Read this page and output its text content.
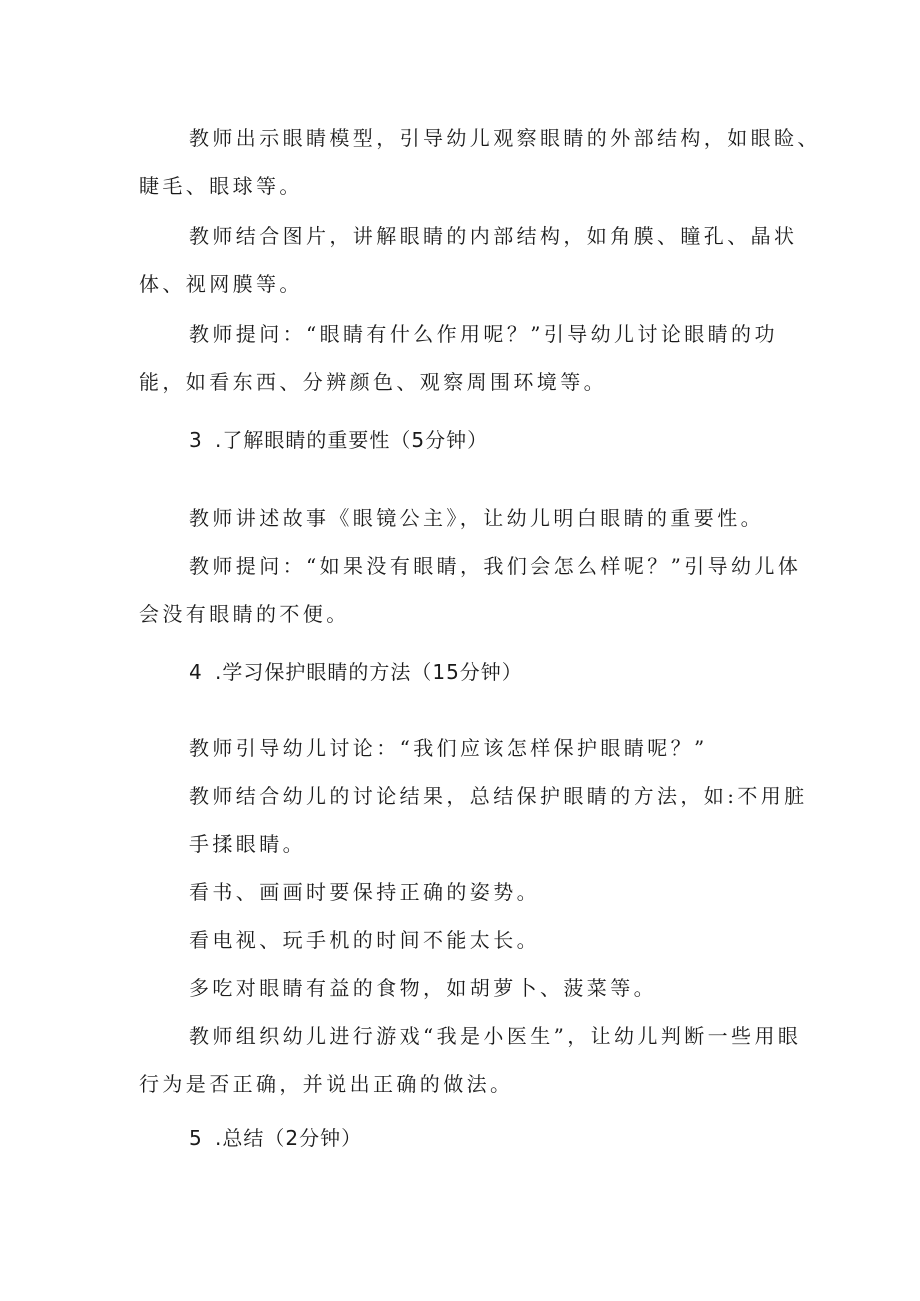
教师出示眼睛模型，引导幼儿观察眼睛的外部结构，如眼睑、

睫毛、眼球等。

教师结合图片，讲解眼睛的内部结构，如角膜、瞳孔、晶状

体、视网膜等。

教师提问：“眼睛有什么作用呢？”引导幼儿讨论眼睛的功

能，如看东西、分辨颜色、观察周围环境等。

3 .了解眼睛的重要性（5分钟）

教师讲述故事《眼镜公主》，让幼儿明白眼睛的重要性。

教师提问：“如果没有眼睛，我们会怎么样呢？”引导幼儿体

会没有眼睛的不便。

4 .学习保护眼睛的方法（15分钟）

教师引导幼儿讨论：“我们应该怎样保护眼睛呢？”

教师结合幼儿的讨论结果，总结保护眼睛的方法，如:不用脏

手揉眼睛。

看书、画画时要保持正确的姿势。

看电视、玩手机的时间不能太长。

多吃对眼睛有益的食物，如胡萝卜、菠菜等。

教师组织幼儿进行游戏“我是小医生”，让幼儿判断一些用眼

行为是否正确，并说出正确的做法。

5 .总结（2分钟）
